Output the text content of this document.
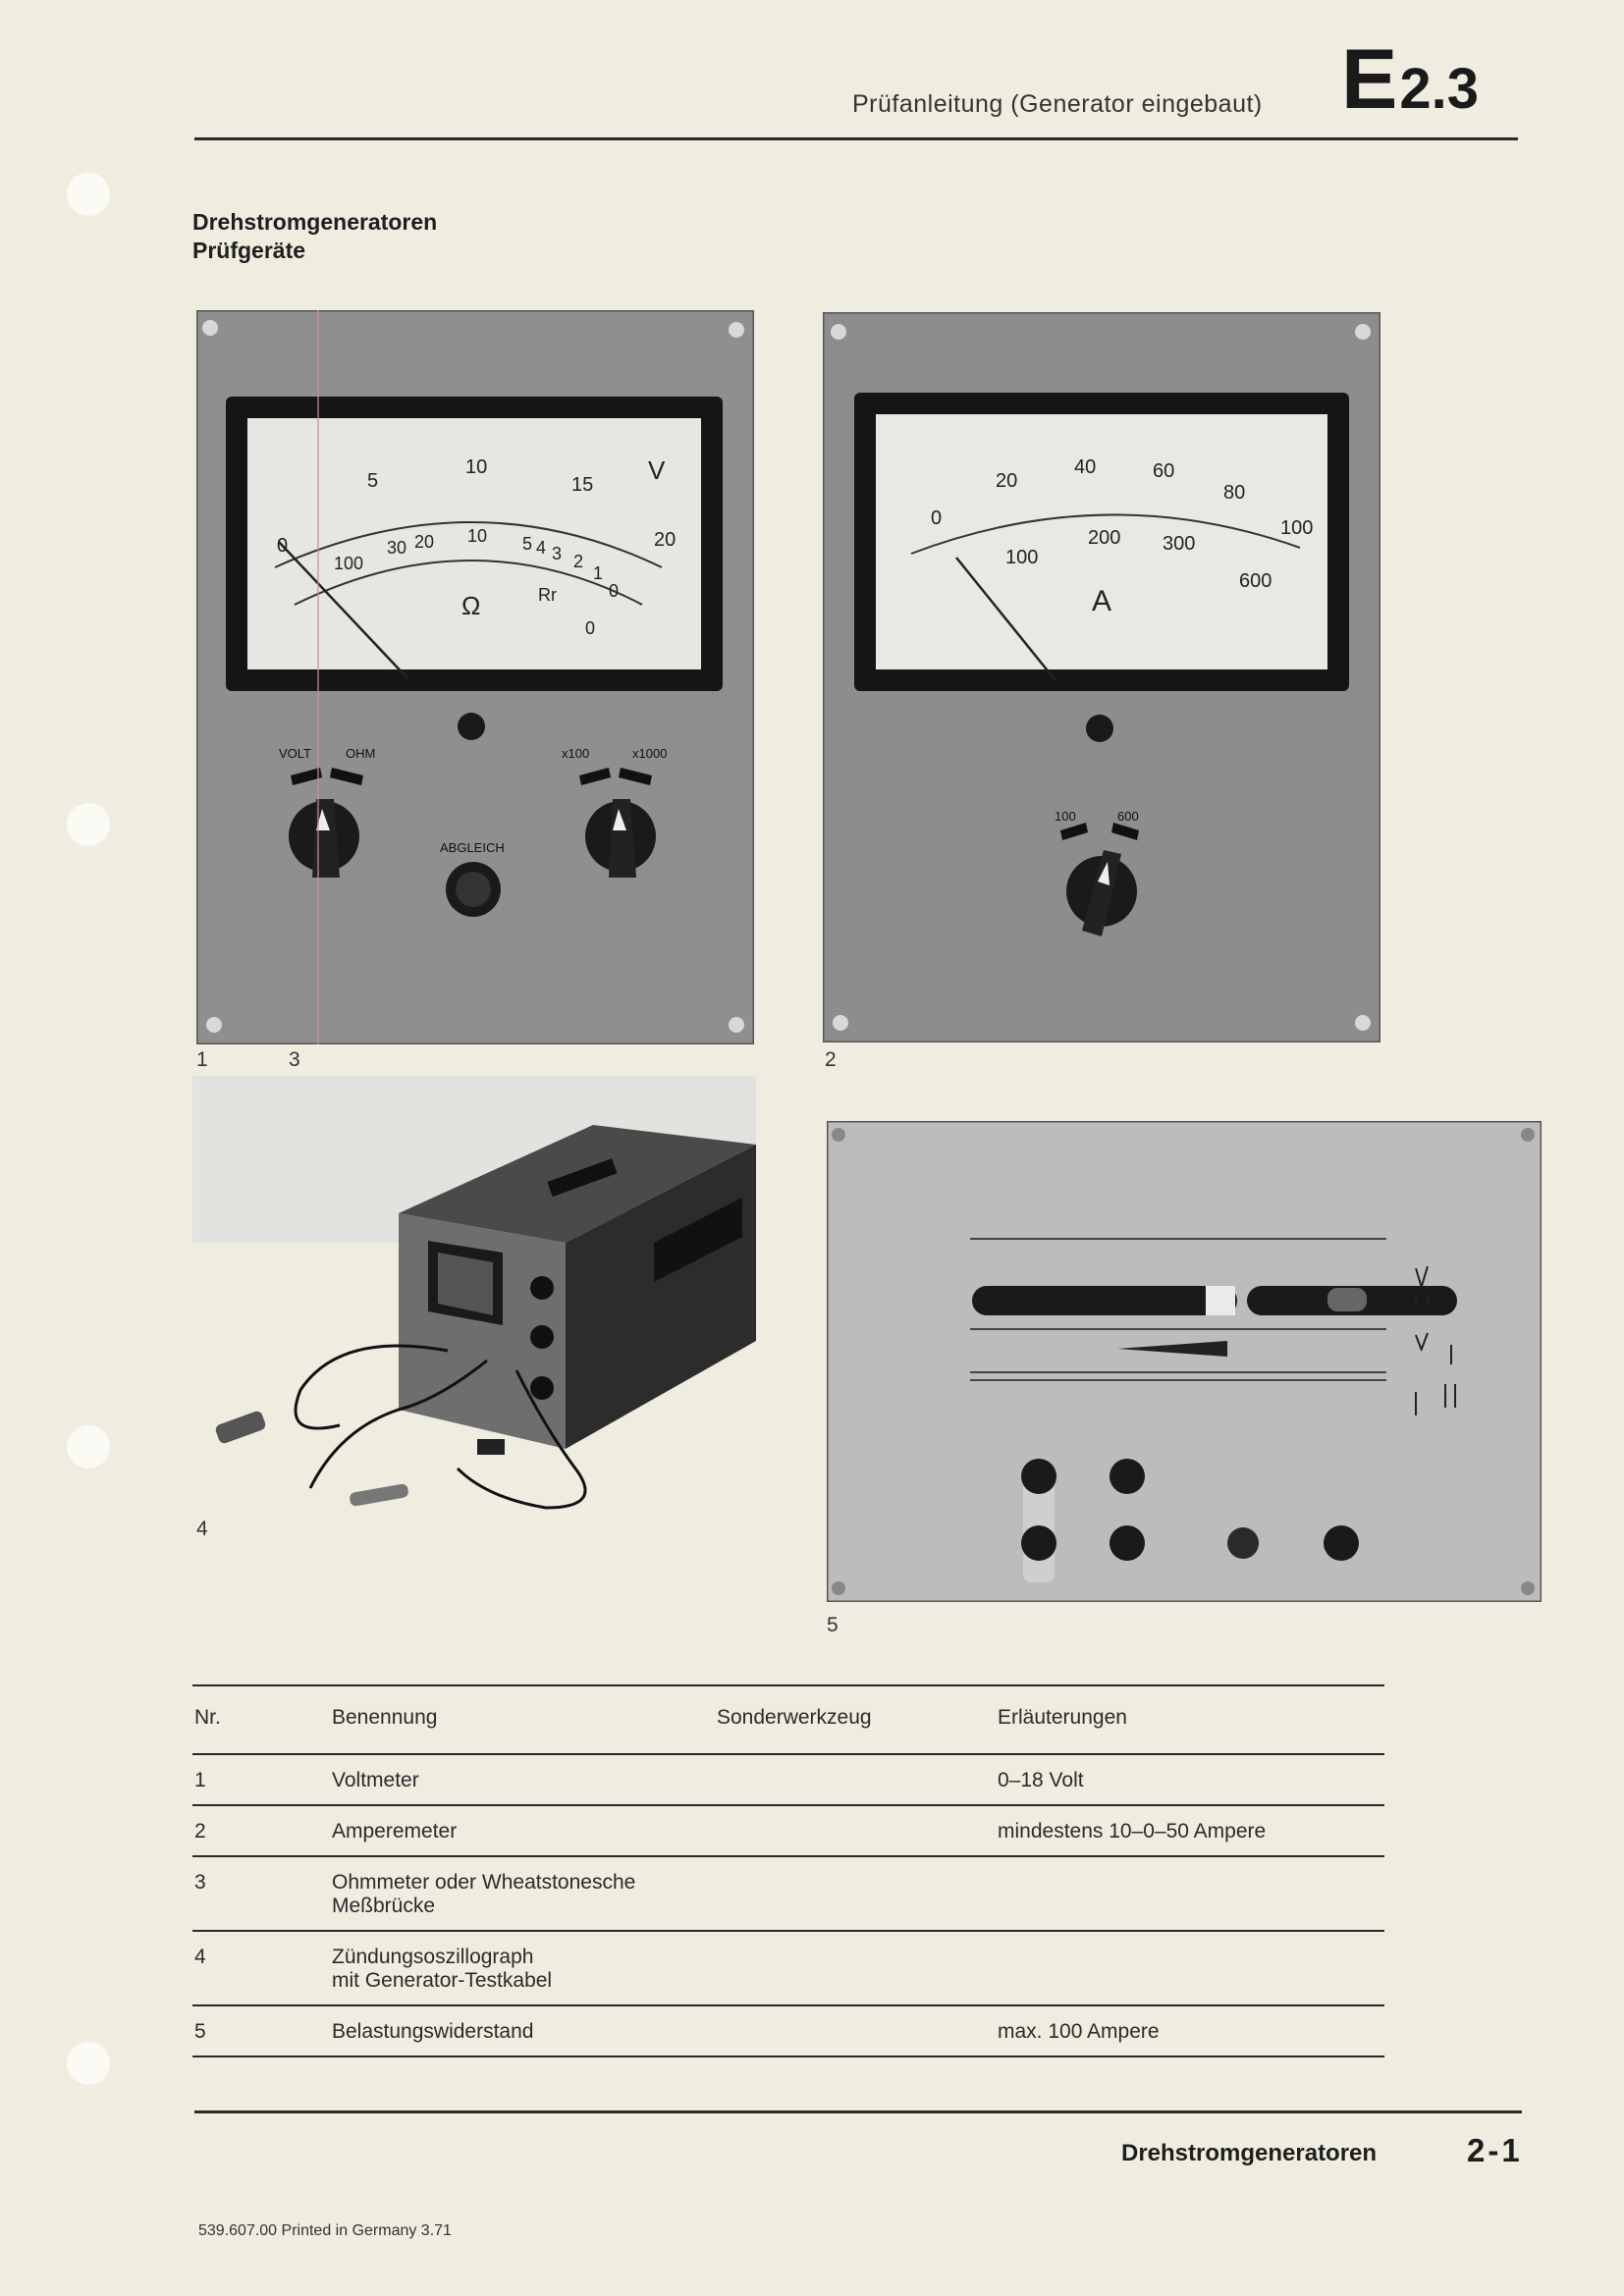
Prüfanleitung (Generator eingebaut) E2.3
Drehstromgeneratoren
Prüfgeräte
0
5
10
15
20
V
100
30 20 10 5 4 3 2
1
0
0
Ω	Rr
VOLT	OHM	x100	x1000
ABGLEICH
1	3
0
20
40	60
80
100
100
200 300
600
A
100	600
2
4
5
Nr.	Benennung	Sonderwerkzeug	Erläuterungen
1	Voltmeter		0–18 Volt
2	Amperemeter		mindestens 10–0–50 Ampere
3	Ohmmeter oder Wheatstonesche
Meßbrücke		

4	Zündungsoszillograph
mit Generator-Testkabel		

5	Belastungswiderstand		max. 100 Ampere
Drehstromgeneratoren	2-1
539.607.00 Printed in Germany 3.71
